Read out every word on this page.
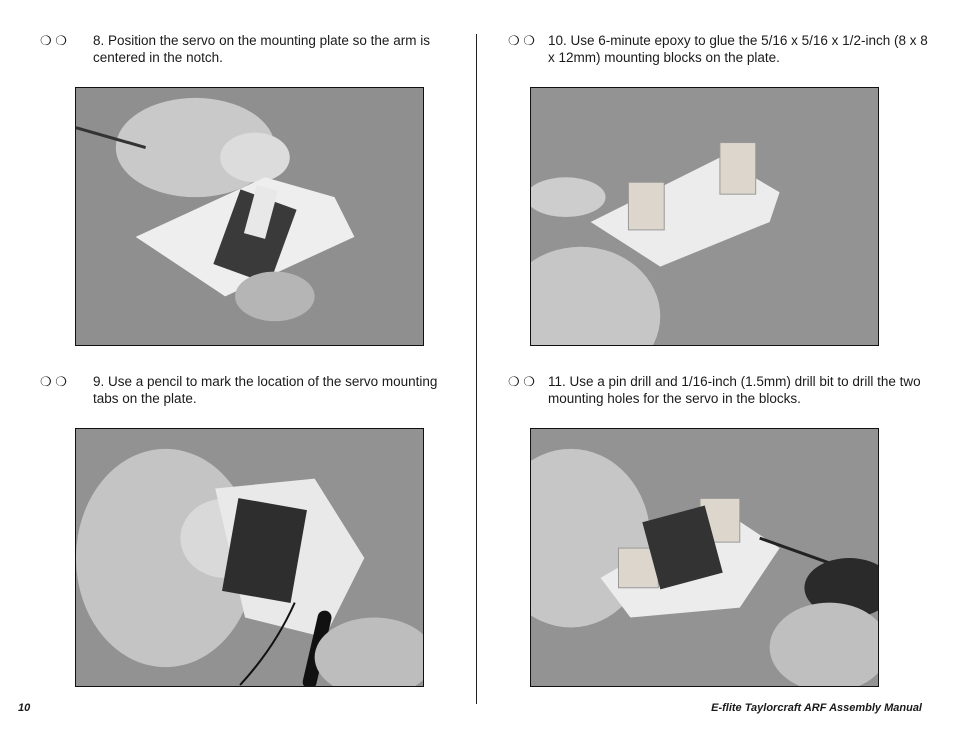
❍ ❍	8. Position the servo on the mounting plate so the arm is centered in the notch.
❍ ❍	9. Use a pencil to mark the location of the servo mounting tabs on the plate.
❍ ❍ 10. Use 6-minute epoxy to glue the 5/16 x 5/16 x 1/2-inch (8 x 8 x 12mm) mounting blocks on the plate.
❍ ❍ 11. Use a pin drill and 1/16-inch (1.5mm) drill bit to drill the two mounting holes for the servo in the blocks.
10	E-flite Taylorcraft ARF Assembly Manual
